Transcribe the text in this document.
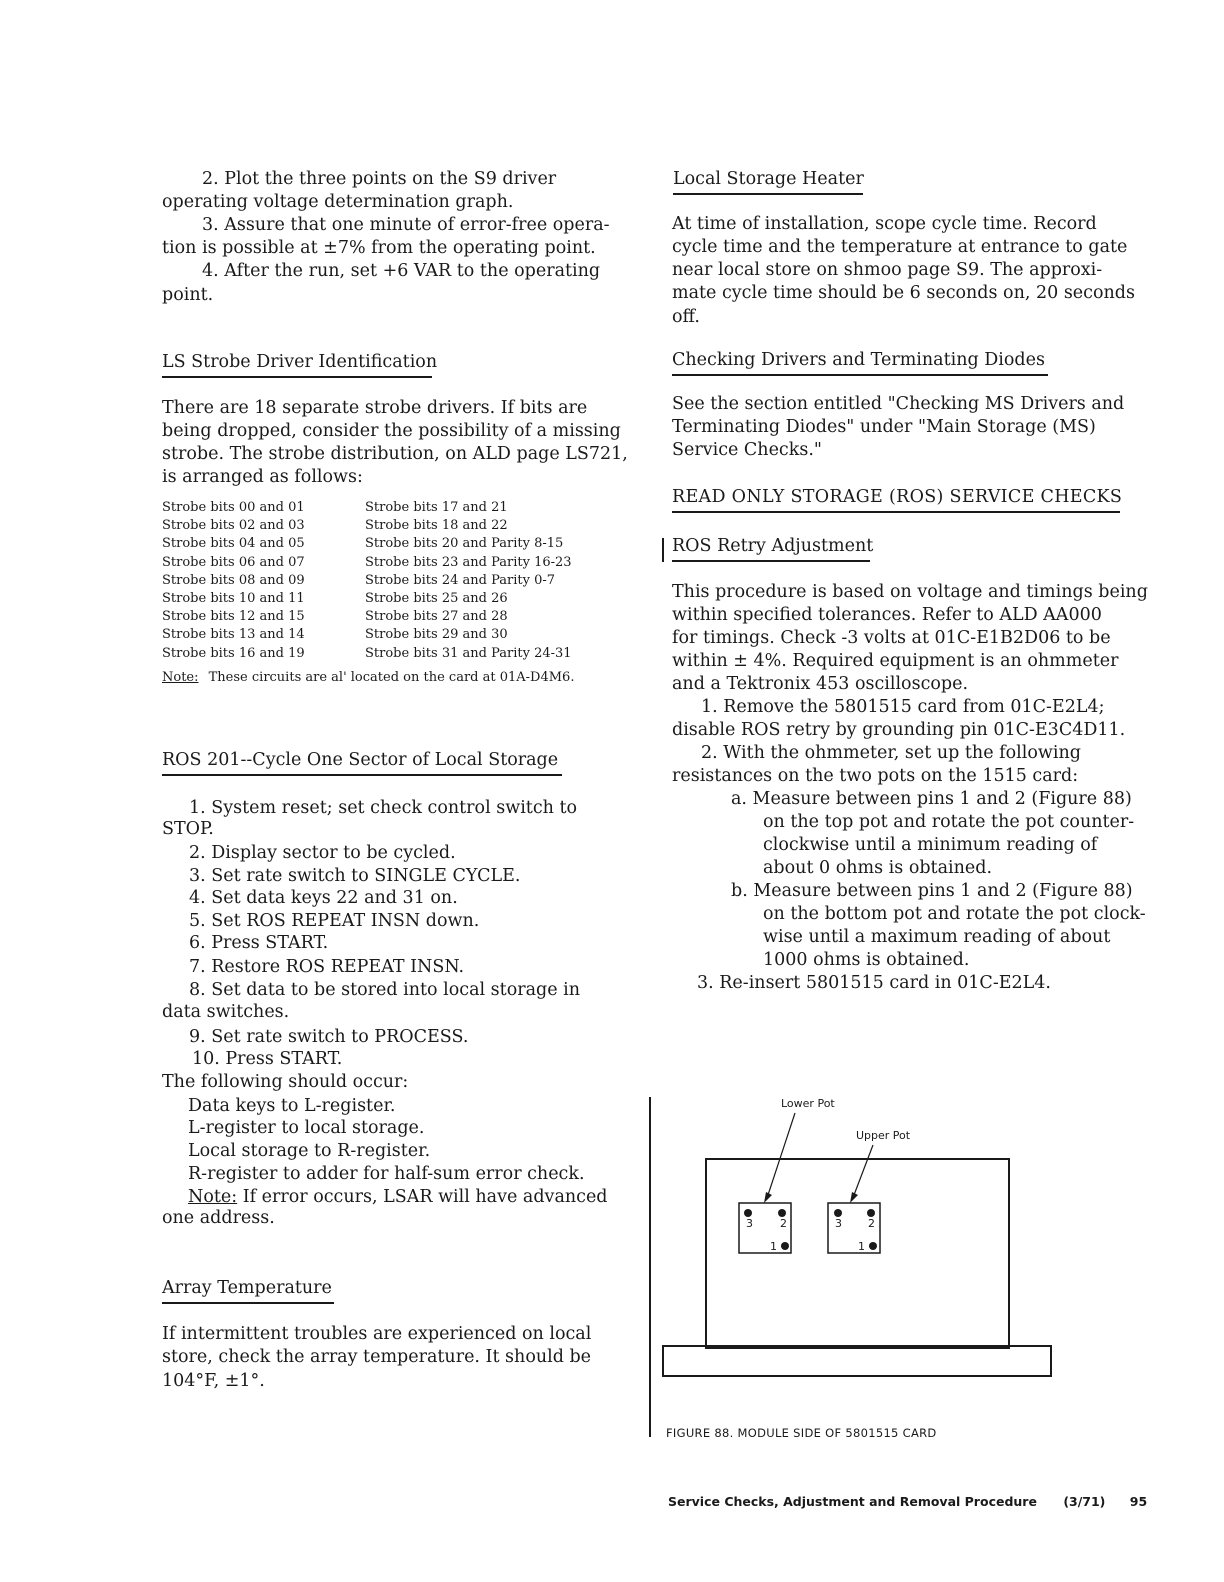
2. Plot the three points on the S9 driver

operating voltage determination graph.

3. Assure that one minute of error-free opera-

tion is possible at ±7% from the operating point.

4. After the run, set +6 VAR to the operating

point.

LS Strobe Driver Identification

There are 18 separate strobe drivers. If bits are

being dropped, consider the possibility of a missing

strobe. The strobe distribution, on ALD page LS721,

is arranged as follows:

Strobe bits 00 and 01
Strobe bits 02 and 03
Strobe bits 04 and 05
Strobe bits 06 and 07
Strobe bits 08 and 09
Strobe bits 10 and 11
Strobe bits 12 and 15
Strobe bits 13 and 14
Strobe bits 16 and 19
Strobe bits 17 and 21
Strobe bits 18 and 22
Strobe bits 20 and Parity 8-15
Strobe bits 23 and Parity 16-23
Strobe bits 24 and Parity 0-7
Strobe bits 25 and 26
Strobe bits 27 and 28
Strobe bits 29 and 30
Strobe bits 31 and Parity 24-31
Note: These circuits are al' located on the card at 01A-D4M6.
ROS 201--Cycle One Sector of Local Storage

1. System reset; set check control switch to

STOP.

2. Display sector to be cycled.

3. Set rate switch to SINGLE CYCLE.

4. Set data keys 22 and 31 on.

5. Set ROS REPEAT INSN down.

6. Press START.

7. Restore ROS REPEAT INSN.

8. Set data to be stored into local storage in

data switches.

9. Set rate switch to PROCESS.

10. Press START.

The following should occur:

Data keys to L-register.

L-register to local storage.

Local storage to R-register.

R-register to adder for half-sum error check.

Note: If error occurs, LSAR will have advanced

one address.

Array Temperature

If intermittent troubles are experienced on local

store, check the array temperature. It should be

104°F, ±1°.

Local Storage Heater

At time of installation, scope cycle time. Record

cycle time and the temperature at entrance to gate

near local store on shmoo page S9. The approxi-

mate cycle time should be 6 seconds on, 20 seconds

off.

Checking Drivers and Terminating Diodes

See the section entitled "Checking MS Drivers and

Terminating Diodes" under "Main Storage (MS)

Service Checks."

READ ONLY STORAGE (ROS) SERVICE CHECKS
ROS Retry Adjustment

This procedure is based on voltage and timings being

within specified tolerances. Refer to ALD AA000

for timings. Check -3 volts at 01C-E1B2D06 to be

within ± 4%. Required equipment is an ohmmeter

and a Tektronix 453 oscilloscope.

1. Remove the 5801515 card from 01C-E2L4;

disable ROS retry by grounding pin 01C-E3C4D11.

2. With the ohmmeter, set up the following

resistances on the two pots on the 1515 card:

a. Measure between pins 1 and 2 (Figure 88)

on the top pot and rotate the pot counter-

clockwise until a minimum reading of

about 0 ohms is obtained.

b. Measure between pins 1 and 2 (Figure 88)

on the bottom pot and rotate the pot clock-

wise until a maximum reading of about

1000 ohms is obtained.

3. Re-insert 5801515 card in 01C-E2L4.

Lower Pot
Upper Pot
3 2
1
3 2
1
FIGURE 88. MODULE SIDE OF 5801515 CARD
Service Checks, Adjustment and Removal Procedure (3/71) 95
